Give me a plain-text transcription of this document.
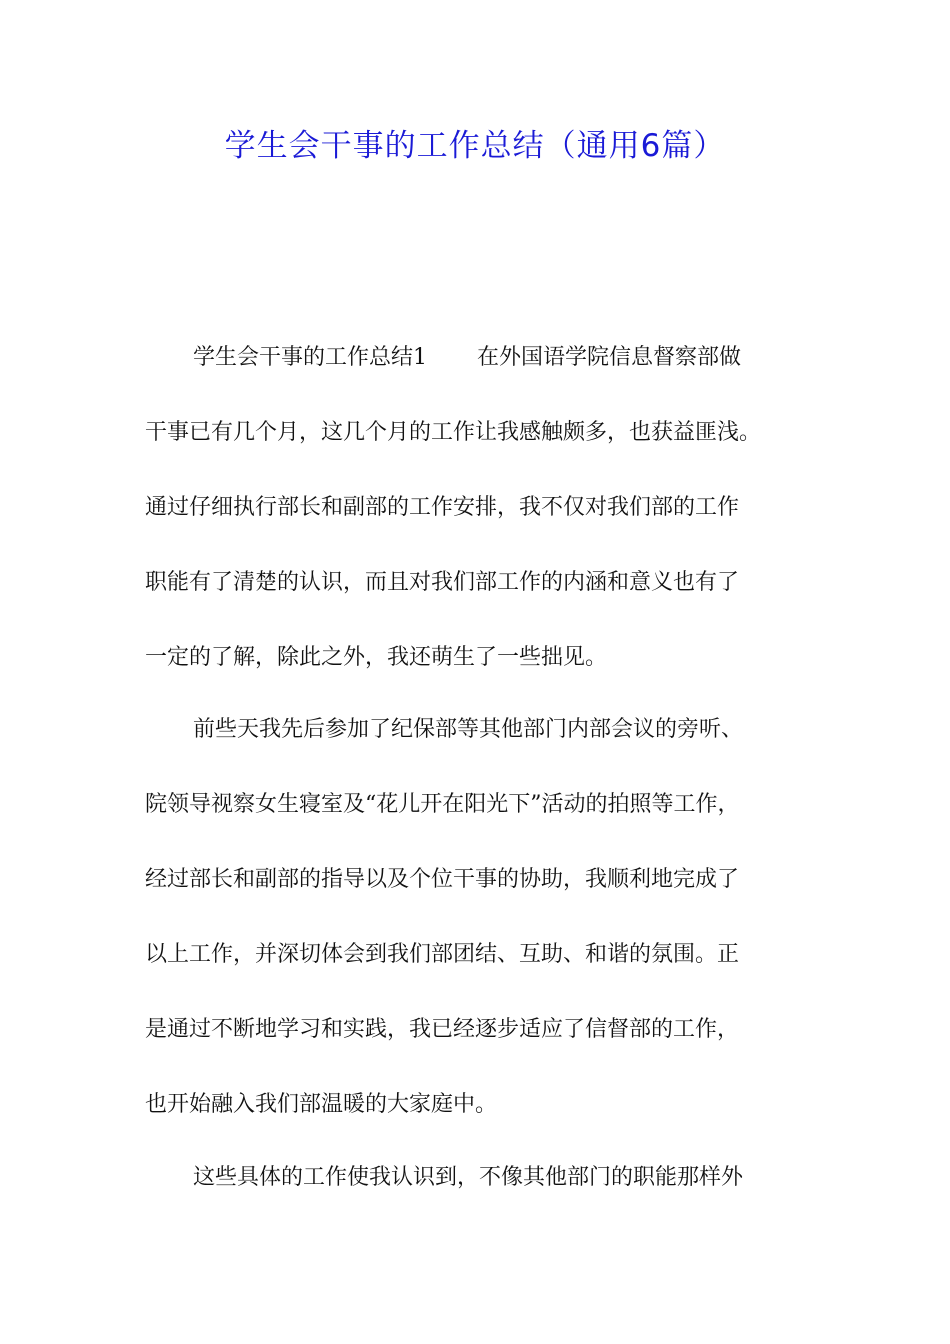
学生会干事的工作总结（通用6篇）
学生会干事的工作总结1 在外国语学院信息督察部做
干事已有几个月，这几个月的工作让我感触颇多，也获益匪浅。
通过仔细执行部长和副部的工作安排，我不仅对我们部的工作
职能有了清楚的认识，而且对我们部工作的内涵和意义也有了
一定的了解，除此之外，我还萌生了一些拙见。
前些天我先后参加了纪保部等其他部门内部会议的旁听、
院领导视察女生寝室及“花儿开在阳光下”活动的拍照等工作，
经过部长和副部的指导以及个位干事的协助，我顺利地完成了
以上工作，并深切体会到我们部团结、互助、和谐的氛围。正
是通过不断地学习和实践，我已经逐步适应了信督部的工作，
也开始融入我们部温暖的大家庭中。
这些具体的工作使我认识到，不像其他部门的职能那样外
